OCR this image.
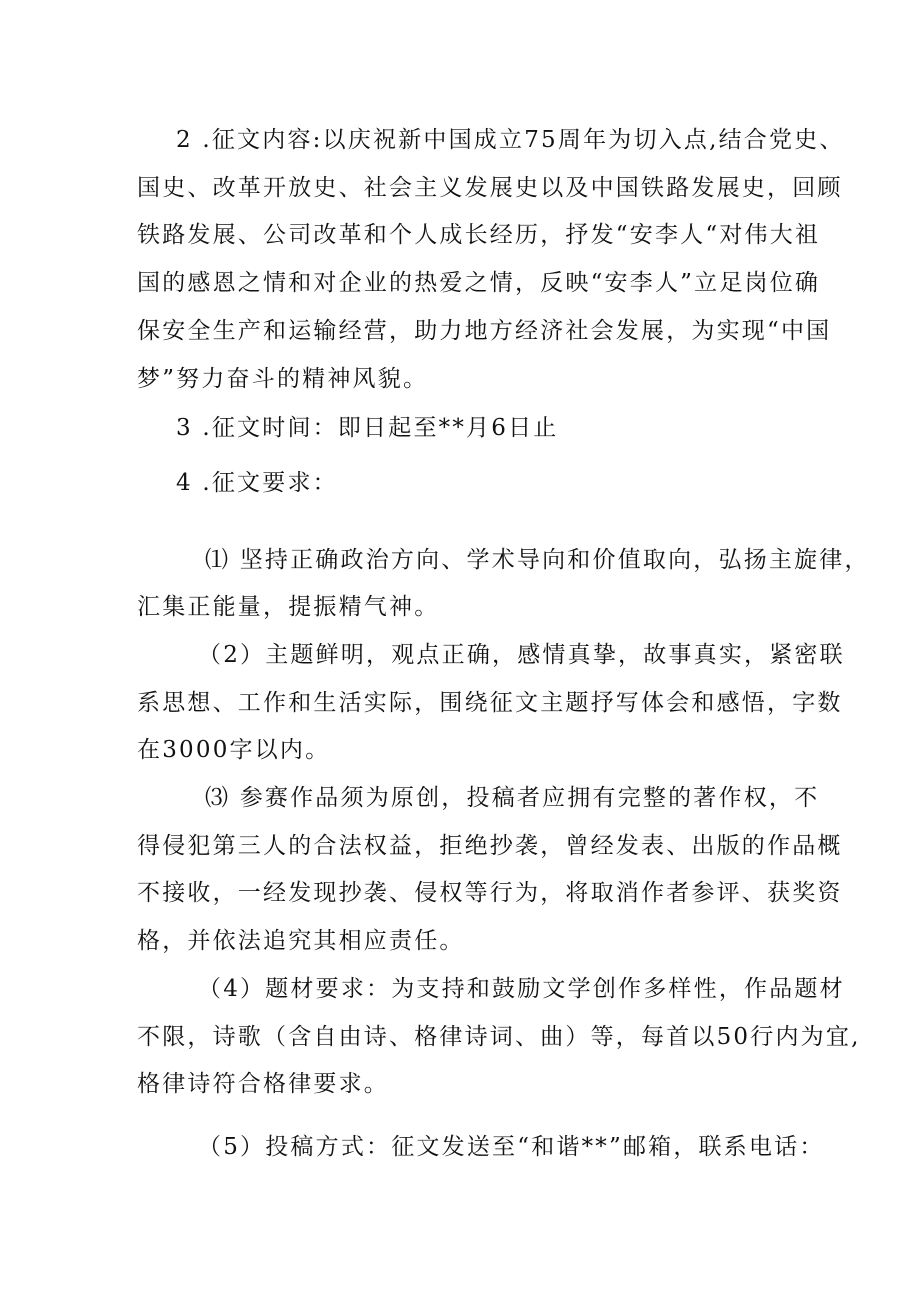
2 .征文内容:以庆祝新中国成立75周年为切入点,结合党史、
国史、改革开放史、社会主义发展史以及中国铁路发展史，回顾
铁路发展、公司改革和个人成长经历，抒发“安李人“对伟大祖
国的感恩之情和对企业的热爱之情，反映“安李人”立足岗位确
保安全生产和运输经营，助力地方经济社会发展，为实现“中国
梦”努力奋斗的精神风貌。
3 .征文时间：即日起至**月6日止
4 .征文要求：
⑴ 坚持正确政治方向、学术导向和价值取向，弘扬主旋律，
汇集正能量，提振精气神。
（2）主题鲜明，观点正确，感情真挚，故事真实，紧密联
系思想、工作和生活实际，围绕征文主题抒写体会和感悟，字数
在3000字以内。
⑶ 参赛作品须为原创，投稿者应拥有完整的著作权，不
得侵犯第三人的合法权益，拒绝抄袭，曾经发表、出版的作品概
不接收，一经发现抄袭、侵权等行为，将取消作者参评、获奖资
格，并依法追究其相应责任。
（4）题材要求：为支持和鼓励文学创作多样性，作品题材
不限，诗歌（含自由诗、格律诗词、曲）等，每首以50行内为宜,
格律诗符合格律要求。
（5）投稿方式：征文发送至“和谐**”邮箱，联系电话：
